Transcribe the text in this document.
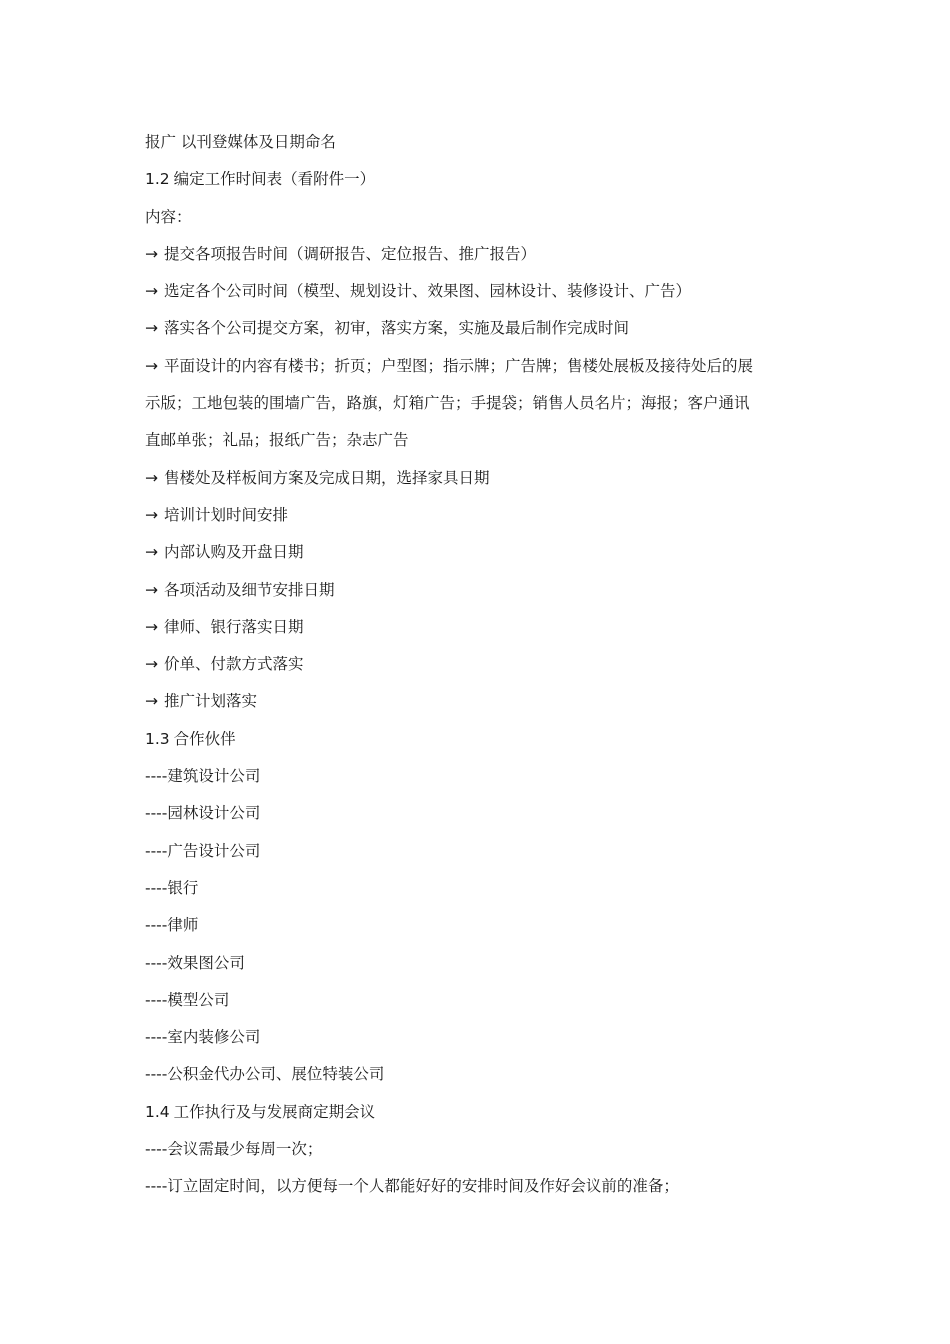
报广 以刊登媒体及日期命名
1.2 编定工作时间表（看附件一）
内容：
→ 提交各项报告时间（调研报告、定位报告、推广报告）
→ 选定各个公司时间（模型、规划设计、效果图、园林设计、装修设计、广告）
→ 落实各个公司提交方案，初审，落实方案，实施及最后制作完成时间
→ 平面设计的内容有楼书；折页；户型图；指示牌；广告牌；售楼处展板及接待处后的展
示版；工地包装的围墙广告，路旗，灯箱广告；手提袋；销售人员名片；海报；客户通讯
直邮单张；礼品；报纸广告；杂志广告
→ 售楼处及样板间方案及完成日期，选择家具日期
→ 培训计划时间安排
→ 内部认购及开盘日期
→ 各项活动及细节安排日期
→ 律师、银行落实日期
→ 价单、付款方式落实
→ 推广计划落实
1.3 合作伙伴
----建筑设计公司
----园林设计公司
----广告设计公司
----银行
----律师
----效果图公司
----模型公司
----室内装修公司
----公积金代办公司、展位特装公司
1.4 工作执行及与发展商定期会议
----会议需最少每周一次；
----订立固定时间，以方便每一个人都能好好的安排时间及作好会议前的准备；
